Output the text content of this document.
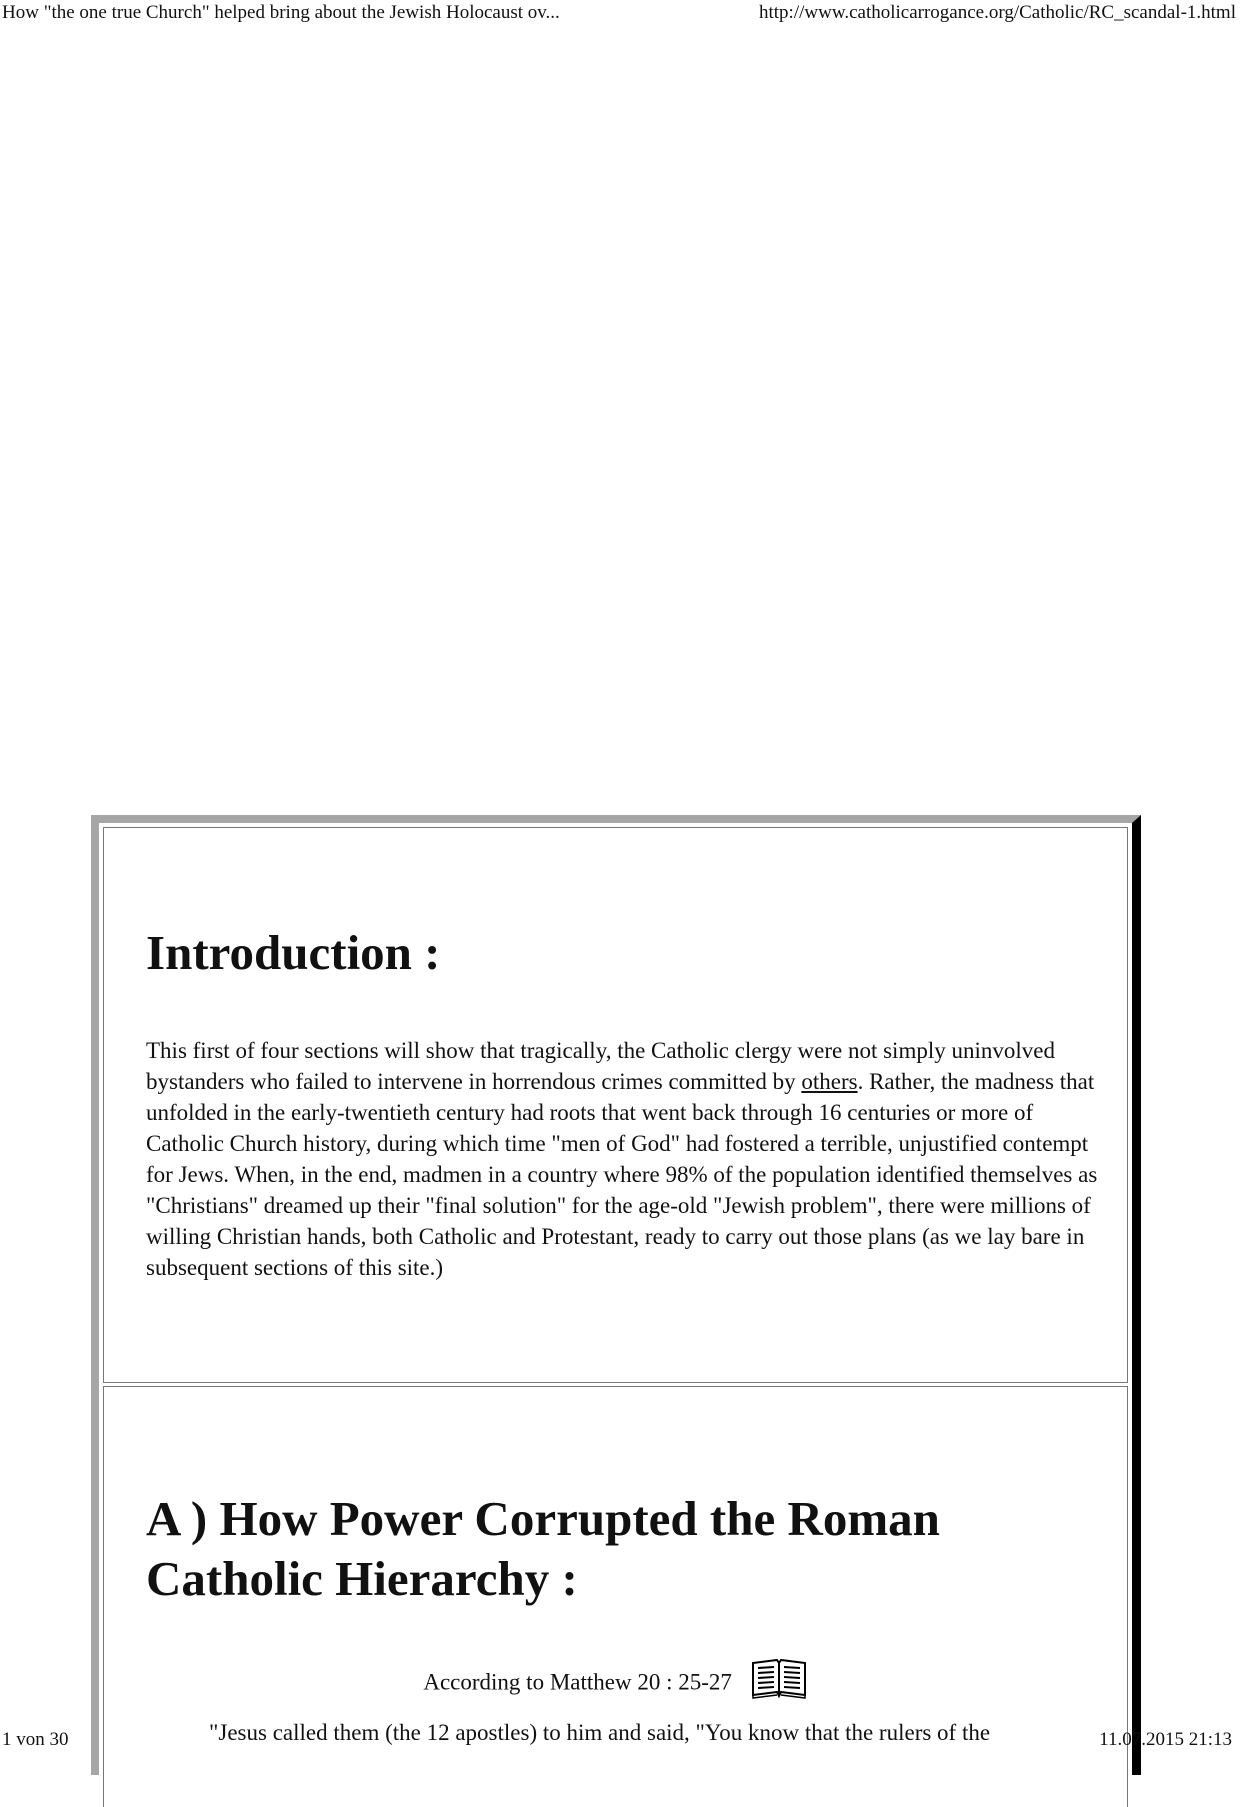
How "the one true Church" helped bring about the Jewish Holocaust ov...	http://www.catholicarrogance.org/Catholic/RC_scandal-1.html
Introduction :

This first of four sections will show that tragically, the Catholic clergy were not simply uninvolved bystanders who failed to intervene in horrendous crimes committed by others. Rather, the madness that unfolded in the early-twentieth century had roots that went back through 16 centuries or more of Catholic Church history, during which time "men of God" had fostered a terrible, unjustified contempt for Jews. When, in the end, madmen in a country where 98% of the population identified themselves as "Christians" dreamed up their "final solution" for the age-old "Jewish problem", there were millions of willing Christian hands, both Catholic and Protestant, ready to carry out those plans (as we lay bare in subsequent sections of this site.)

A ) How Power Corrupted the Roman Catholic Hierarchy :
According to Matthew 20 : 25-27
"Jesus called them (the 12 apostles) to him and said, "You know that the rulers of the
1 von 30	11.07.2015 21:13
